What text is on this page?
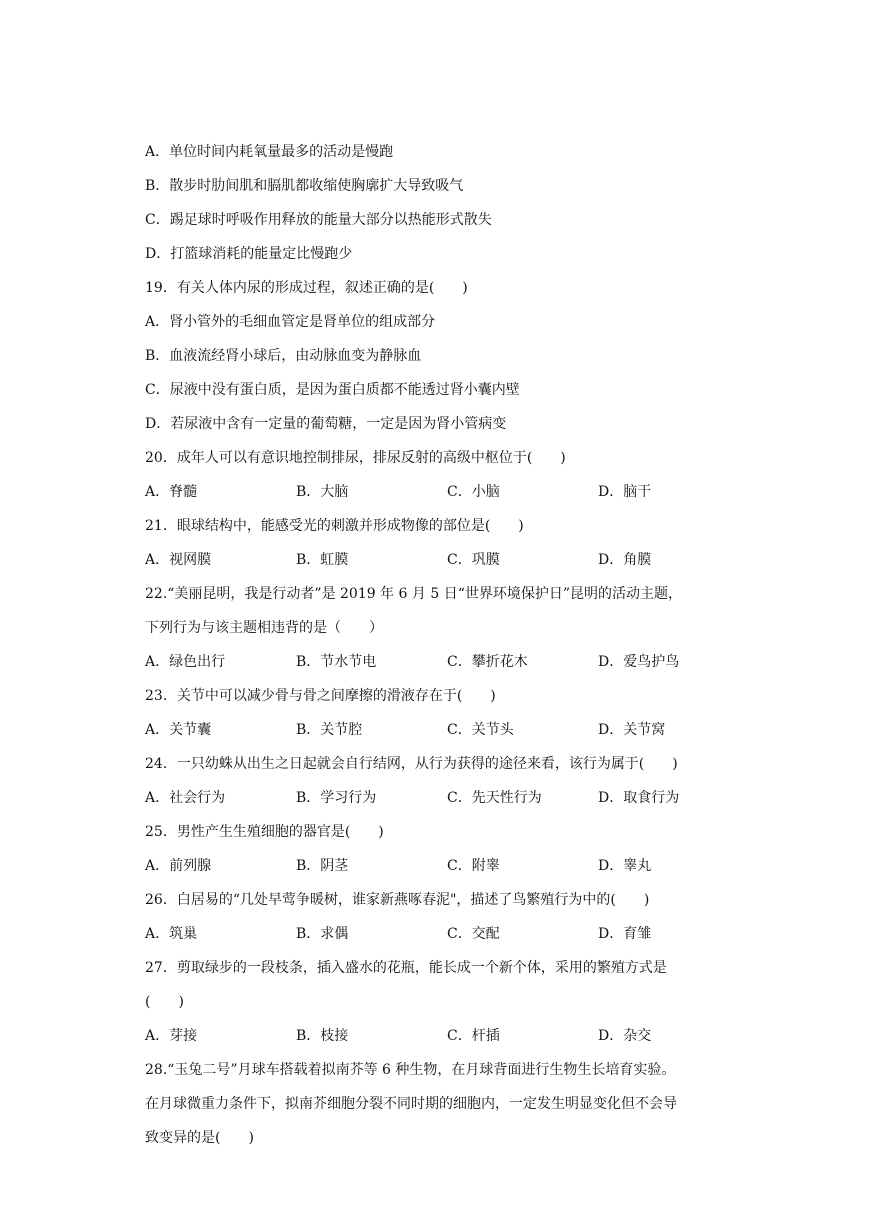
A．单位时间内耗氧量最多的活动是慢跑
B．散步时肋间肌和膈肌都收缩使胸廓扩大导致吸气
C．踢足球时呼吸作用释放的能量大部分以热能形式散失
D．打篮球消耗的能量定比慢跑少
19．有关人体内尿的形成过程，叙述正确的是(　　)
A．肾小管外的毛细血管定是肾单位的组成部分
B．血液流经肾小球后，由动脉血变为静脉血
C．尿液中没有蛋白质，是因为蛋白质都不能透过肾小囊内壁
D．若尿液中含有一定量的葡萄糖，一定是因为肾小管病变
20．成年人可以有意识地控制排尿，排尿反射的高级中枢位于(　　)
A．脊髓	B．大脑	C．小脑	D．脑干
21．眼球结构中，能感受光的刺激并形成物像的部位是(　　)
A．视网膜	B．虹膜	C．巩膜	D．角膜
22.“美丽昆明，我是行动者”是 2019 年 6 月 5 日“世界环境保护日”昆明的活动主题，
下列行为与该主题相违背的是（　　）
A．绿色出行	B．节水节电	C．攀折花木	D．爱鸟护鸟
23．关节中可以减少骨与骨之间摩擦的滑液存在于(　　)
A．关节囊	B．关节腔	C．关节头	D．关节窝
24．一只幼蛛从出生之日起就会自行结网，从行为获得的途径来看，该行为属于(　　)
A．社会行为	B．学习行为	C．先天性行为	D．取食行为
25．男性产生生殖细胞的器官是(　　)
A．前列腺	B．阴茎	C．附睾	D．睾丸
26．白居易的“几处早莺争暖树，谁家新燕啄春泥"，描述了鸟繁殖行为中的(　　)
A．筑巢	B．求偶	C．交配	D．育雏
27．剪取绿步的一段枝条，插入盛水的花瓶，能长成一个新个体，采用的繁殖方式是
(　　)
A．芽接	B．枝接	C．杆插	D．杂交
28.“玉兔二号”月球车搭载着拟南芥等 6 种生物，在月球背面进行生物生长培育实验。
在月球微重力条件下，拟南芥细胞分裂不同时期的细胞内，一定发生明显变化但不会导
致变异的是(　　)
